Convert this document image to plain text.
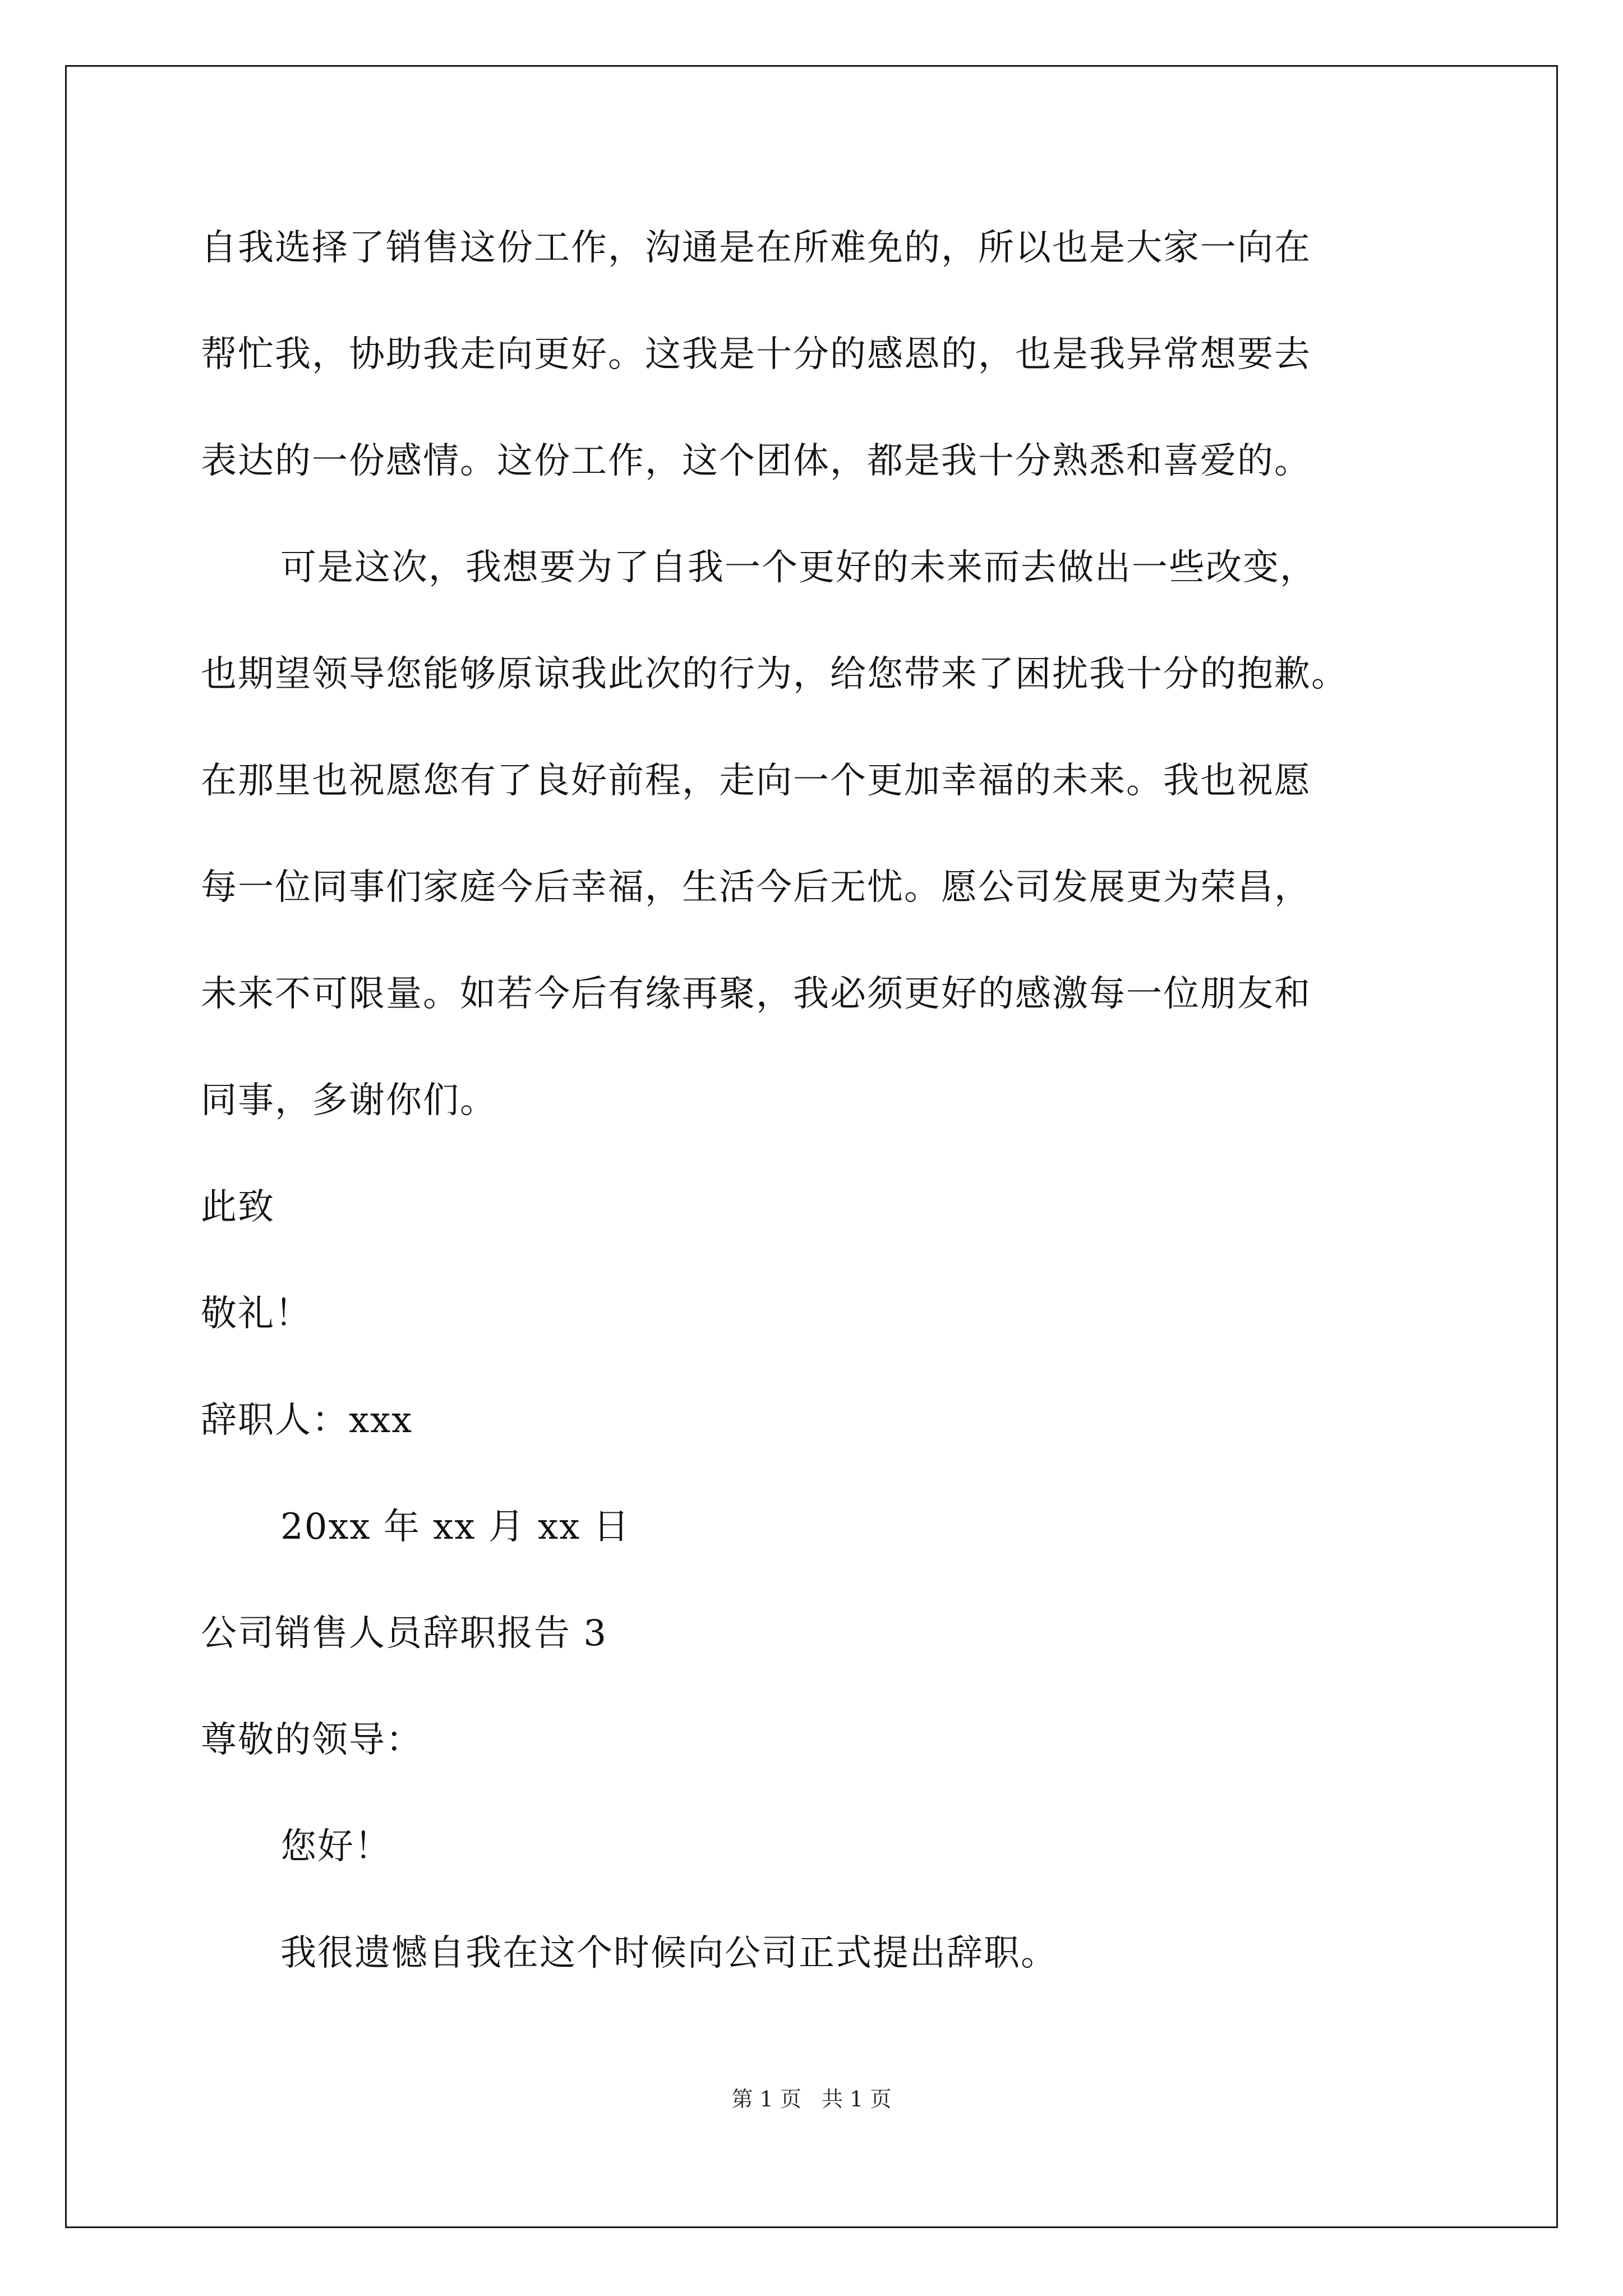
自我选择了销售这份工作，沟通是在所难免的，所以也是大家一向在
帮忙我，协助我走向更好。这我是十分的感恩的，也是我异常想要去
表达的一份感情。这份工作，这个团体，都是我十分熟悉和喜爱的。
可是这次，我想要为了自我一个更好的未来而去做出一些改变，
也期望领导您能够原谅我此次的行为，给您带来了困扰我十分的抱歉。
在那里也祝愿您有了良好前程，走向一个更加幸福的未来。我也祝愿
每一位同事们家庭今后幸福，生活今后无忧。愿公司发展更为荣昌，
未来不可限量。如若今后有缘再聚，我必须更好的感激每一位朋友和
同事，多谢你们。
此致
敬礼！
辞职人：xxx
20xx 年 xx 月 xx 日
公司销售人员辞职报告 3
尊敬的领导：
您好！
我很遗憾自我在这个时候向公司正式提出辞职。
第 1 页   共 1 页
